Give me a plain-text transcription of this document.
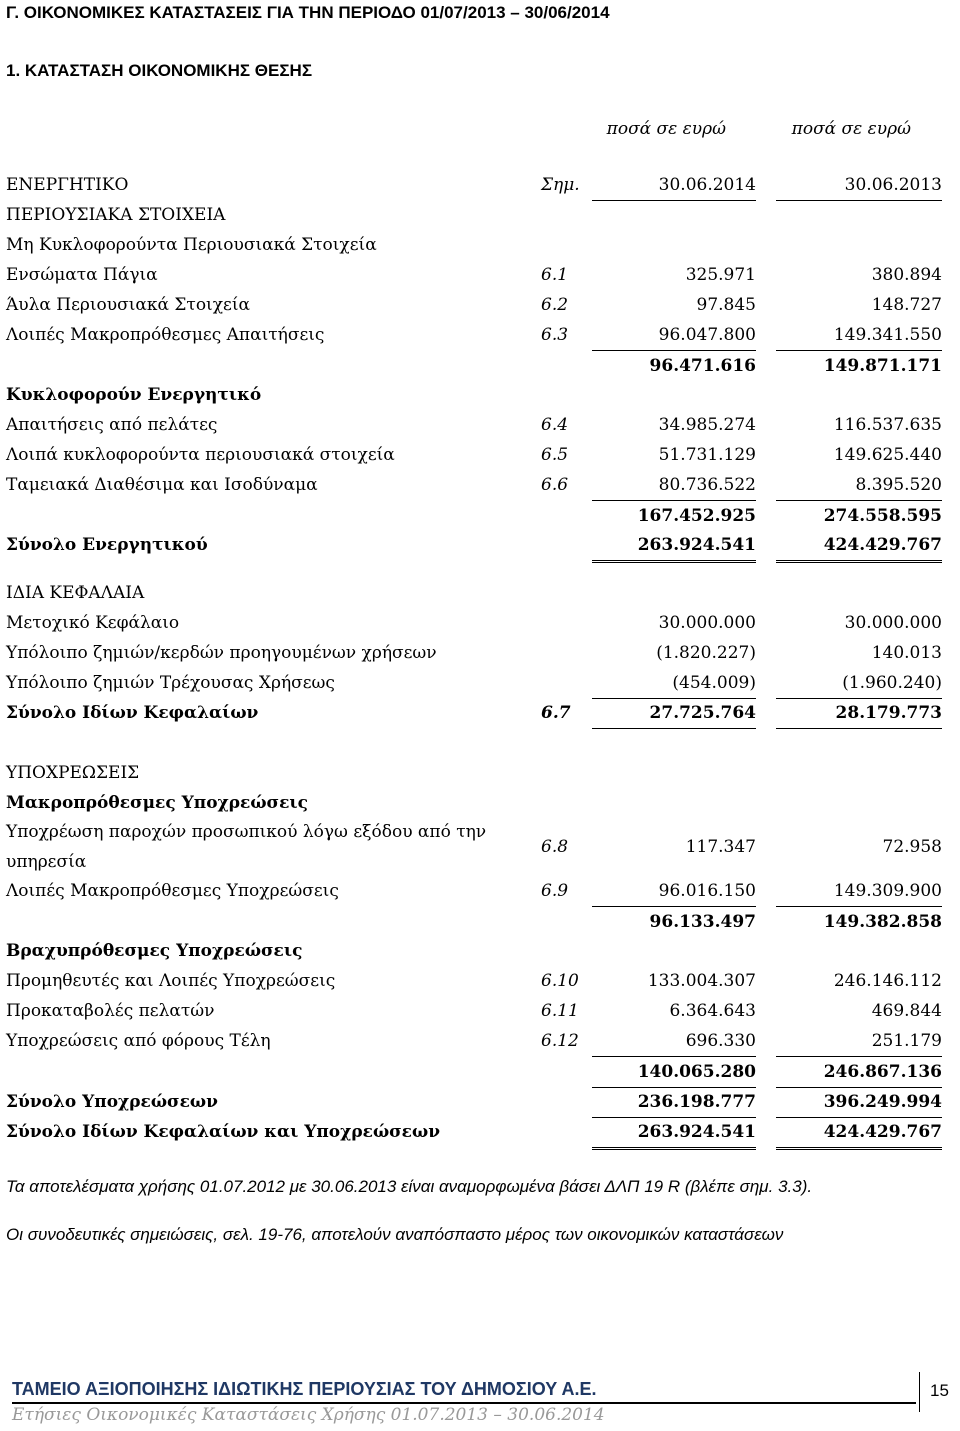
Γ. ΟΙΚΟΝΟΜΙΚΕΣ ΚΑΤΑΣΤΑΣΕΙΣ ΓΙΑ ΤΗΝ ΠΕΡΙΟΔΟ 01/07/2013 – 30/06/2014
1. ΚΑΤΑΣΤΑΣΗ ΟΙΚΟΝΟΜΙΚΗΣ ΘΕΣΗΣ
ποσά σε ευρώ	ποσά σε ευρώ
ΕΝΕΡΓΗΤΙΚΟ	Σημ.	30.06.2014	30.06.2013
ΠΕΡΙΟΥΣΙΑΚΑ ΣΤΟΙΧΕΙΑ
Μη Κυκλοφορούντα Περιουσιακά Στοιχεία
Ενσώματα Πάγια	6.1	325.971	380.894
Άυλα Περιουσιακά Στοιχεία	6.2	97.845	148.727
Λοιπές Μακροπρόθεσμες Απαιτήσεις	6.3	96.047.800	149.341.550
96.471.616	149.871.171
Κυκλοφορούν Ενεργητικό
Απαιτήσεις από πελάτες	6.4	34.985.274	116.537.635
Λοιπά κυκλοφορούντα περιουσιακά στοιχεία	6.5	51.731.129	149.625.440
Ταμειακά Διαθέσιμα και Ισοδύναμα	6.6	80.736.522	8.395.520
167.452.925	274.558.595
Σύνολο Ενεργητικού	263.924.541	424.429.767
ΙΔΙΑ ΚΕΦΑΛΑΙΑ
Μετοχικό Κεφάλαιο	30.000.000	30.000.000
Υπόλοιπο ζημιών/κερδών προηγουμένων χρήσεων	(1.820.227)	140.013
Υπόλοιπο ζημιών Τρέχουσας Χρήσεως	(454.009)	(1.960.240)
Σύνολο Ιδίων Κεφαλαίων	6.7	27.725.764	28.179.773
ΥΠΟΧΡΕΩΣΕΙΣ
Μακροπρόθεσμες Υποχρεώσεις
Υποχρέωση παροχών προσωπικού λόγω εξόδου από την υπηρεσία
6.8	117.347	72.958
Λοιπές Μακροπρόθεσμες Υποχρεώσεις	6.9	96.016.150	149.309.900
96.133.497	149.382.858
Βραχυπρόθεσμες Υποχρεώσεις
Προμηθευτές και Λοιπές Υποχρεώσεις	6.10	133.004.307	246.146.112
Προκαταβολές πελατών	6.11	6.364.643	469.844
Υποχρεώσεις από φόρους Τέλη	6.12	696.330	251.179
140.065.280	246.867.136
Σύνολο Υποχρεώσεων	236.198.777	396.249.994
Σύνολο Ιδίων Κεφαλαίων και Υποχρεώσεων	263.924.541	424.429.767
Τα αποτελέσματα χρήσης 01.07.2012 με 30.06.2013 είναι αναμορφωμένα βάσει ΔΛΠ 19 R (βλέπε σημ. 3.3).
Οι συνοδευτικές σημειώσεις, σελ. 19-76, αποτελούν αναπόσπαστο μέρος των οικονομικών καταστάσεων
ΤΑΜΕΙΟ ΑΞΙΟΠΟΙΗΣΗΣ ΙΔΙΩΤΙΚΗΣ ΠΕΡΙΟΥΣΙΑΣ ΤΟΥ ΔΗΜΟΣΙΟΥ Α.Ε.
Ετήσιες Οικονομικές Καταστάσεις Χρήσης 01.07.2013 – 30.06.2014
15
